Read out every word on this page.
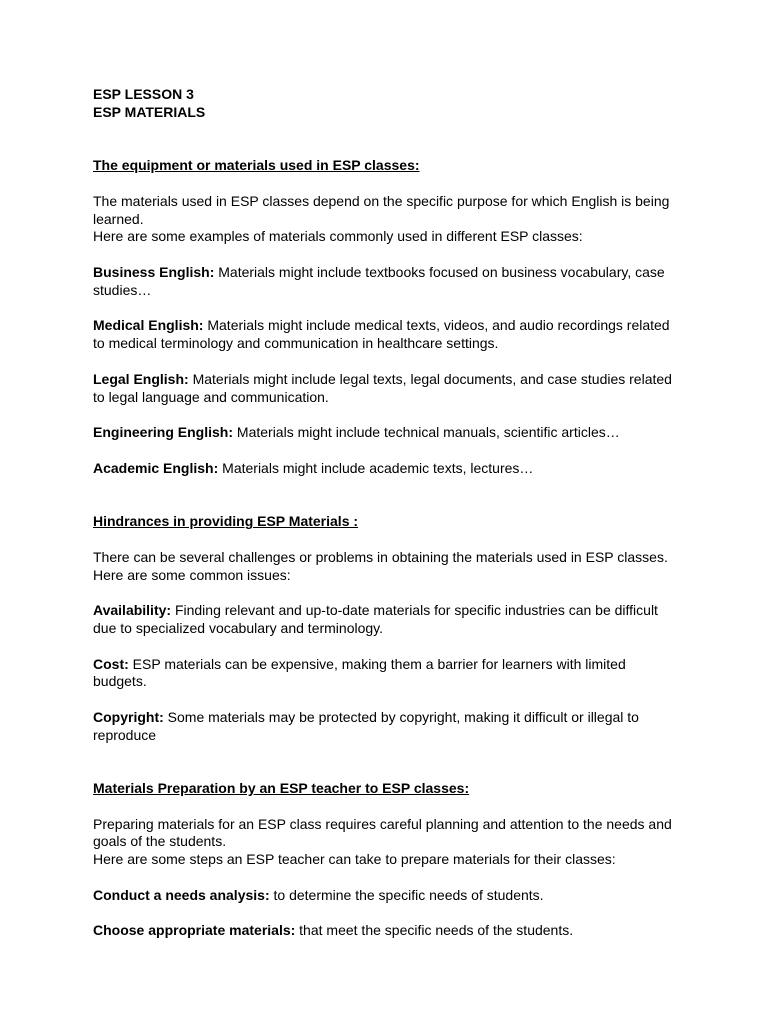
ESP LESSON 3
ESP MATERIALS
The equipment or materials used in ESP classes:

The materials used in ESP classes depend on the specific purpose for which English is being learned.

Here are some examples of materials commonly used in different ESP classes:

Business English: Materials might include textbooks focused on business vocabulary, case studies…

Medical English: Materials might include medical texts, videos, and audio recordings related to medical terminology and communication in healthcare settings.

Legal English: Materials might include legal texts, legal documents, and case studies related to legal language and communication.

Engineering English: Materials might include technical manuals, scientific articles…

Academic English: Materials might include academic texts, lectures…

Hindrances in providing ESP Materials :

There can be several challenges or problems in obtaining the materials used in ESP classes. Here are some common issues:

Availability: Finding relevant and up-to-date materials for specific industries can be difficult due to specialized vocabulary and terminology.

Cost: ESP materials can be expensive, making them a barrier for learners with limited budgets.

Copyright: Some materials may be protected by copyright, making it difficult or illegal to reproduce

Materials Preparation by an ESP teacher to ESP classes:

Preparing materials for an ESP class requires careful planning and attention to the needs and goals of the students.

Here are some steps an ESP teacher can take to prepare materials for their classes:

Conduct a needs analysis: to determine the specific needs of students.

Choose appropriate materials: that meet the specific needs of the students.
